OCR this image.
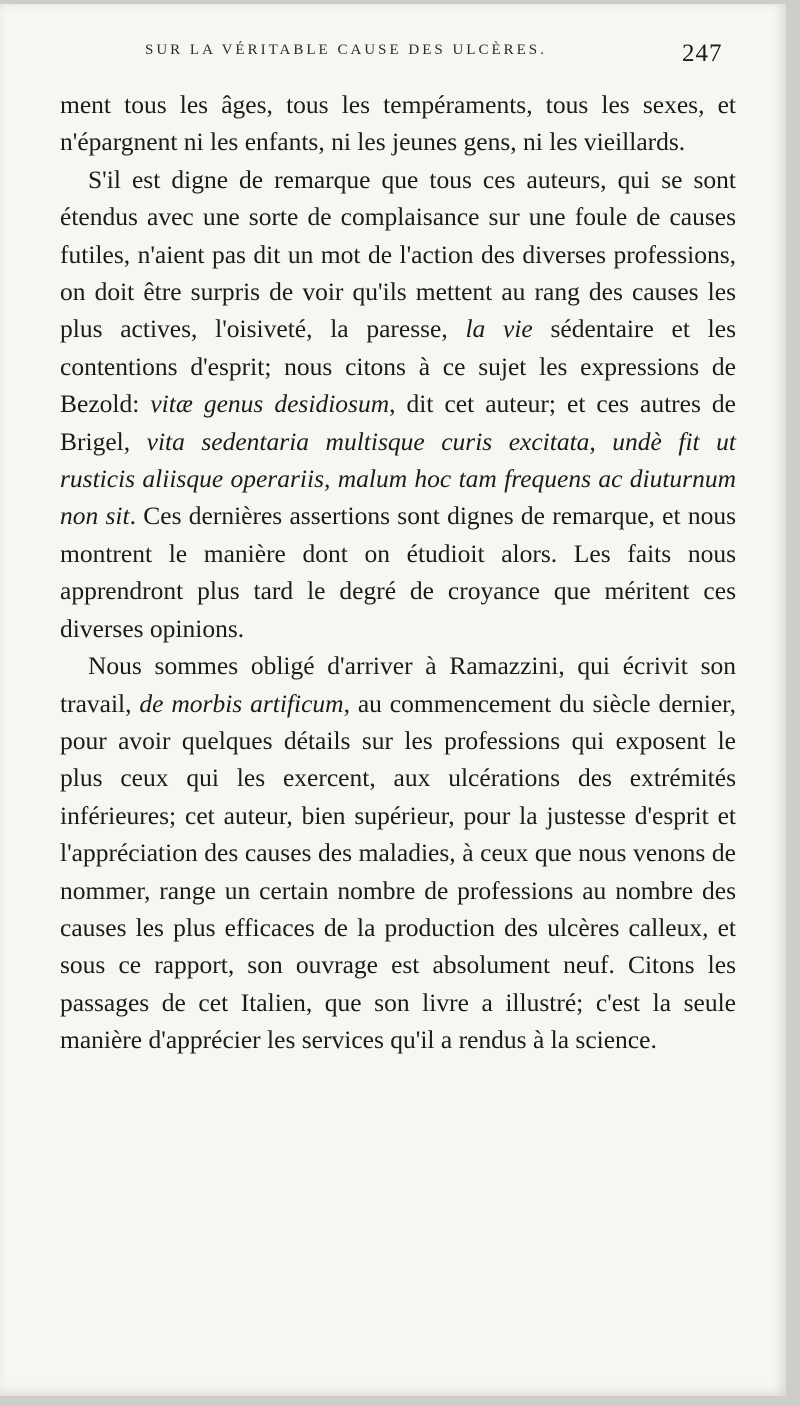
SUR LA VÉRITABLE CAUSE DES ULCÈRES.	247

ment tous les âges, tous les tempéraments, tous les sexes, et n'épargnent ni les enfants, ni les jeunes gens, ni les vieillards.

S'il est digne de remarque que tous ces auteurs, qui se sont étendus avec une sorte de complaisance sur une foule de causes futiles, n'aient pas dit un mot de l'action des diverses professions, on doit être surpris de voir qu'ils mettent au rang des causes les plus actives, l'oisiveté, la paresse, la vie sédentaire et les contentions d'esprit; nous citons à ce sujet les expressions de Bezold: vitæ genus desidiosum, dit cet auteur; et ces autres de Brigel, vita sedentaria multisque curis excitata, undè fit ut rusticis aliisque operariis, malum hoc tam frequens ac diuturnum non sit. Ces dernières assertions sont dignes de remarque, et nous montrent le manière dont on étudioit alors. Les faits nous apprendront plus tard le degré de croyance que méritent ces diverses opinions.

Nous sommes obligé d'arriver à Ramazzini, qui écrivit son travail, de morbis artificum, au commencement du siècle dernier, pour avoir quelques détails sur les professions qui exposent le plus ceux qui les exercent, aux ulcérations des extrémités inférieures; cet auteur, bien supérieur, pour la justesse d'esprit et l'appréciation des causes des maladies, à ceux que nous venons de nommer, range un certain nombre de professions au nombre des causes les plus efficaces de la production des ulcères calleux, et sous ce rapport, son ouvrage est absolument neuf. Citons les passages de cet Italien, que son livre a illustré; c'est la seule manière d'apprécier les services qu'il a rendus à la science.
